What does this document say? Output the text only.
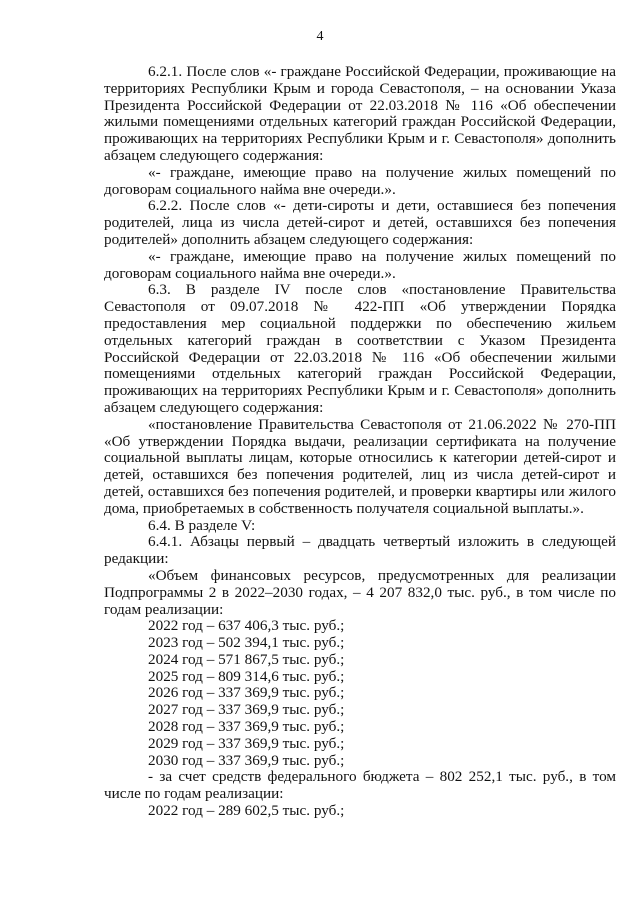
4

6.2.1. После слов «- граждане Российской Федерации, проживающие на территориях Республики Крым и города Севастополя, – на основании Указа Президента Российской Федерации от 22.03.2018 № 116 «Об обеспечении жилыми помещениями отдельных категорий граждан Российской Федерации, проживающих на территориях Республики Крым и г. Севастополя» дополнить абзацем следующего содержания:

«- граждане, имеющие право на получение жилых помещений по договорам социального найма вне очереди.».

6.2.2. После слов «- дети-сироты и дети, оставшиеся без попечения родителей, лица из числа детей-сирот и детей, оставшихся без попечения родителей» дополнить абзацем следующего содержания:

«- граждане, имеющие право на получение жилых помещений по договорам социального найма вне очереди.».

6.3. В разделе IV после слов «постановление Правительства Севастополя от 09.07.2018 № 422-ПП «Об утверждении Порядка предоставления мер социальной поддержки по обеспечению жильем отдельных категорий граждан в соответствии с Указом Президента Российской Федерации от 22.03.2018 № 116 «Об обеспечении жилыми помещениями отдельных категорий граждан Российской Федерации, проживающих на территориях Республики Крым и г. Севастополя» дополнить абзацем следующего содержания:

«постановление Правительства Севастополя от 21.06.2022 № 270-ПП «Об утверждении Порядка выдачи, реализации сертификата на получение социальной выплаты лицам, которые относились к категории детей-сирот и детей, оставшихся без попечения родителей, лиц из числа детей-сирот и детей, оставшихся без попечения родителей, и проверки квартиры или жилого дома, приобретаемых в собственность получателя социальной выплаты.».

6.4. В разделе V:

6.4.1. Абзацы первый – двадцать четвертый изложить в следующей редакции:

«Объем финансовых ресурсов, предусмотренных для реализации Подпрограммы 2 в 2022–2030 годах, – 4 207 832,0 тыс. руб., в том числе по годам реализации:

2022 год – 637 406,3 тыс. руб.;

2023 год – 502 394,1 тыс. руб.;

2024 год – 571 867,5 тыс. руб.;

2025 год – 809 314,6 тыс. руб.;

2026 год – 337 369,9 тыс. руб.;

2027 год – 337 369,9 тыс. руб.;

2028 год – 337 369,9 тыс. руб.;

2029 год – 337 369,9 тыс. руб.;

2030 год – 337 369,9 тыс. руб.;

- за счет средств федерального бюджета – 802 252,1 тыс. руб., в том числе по годам реализации:

2022 год – 289 602,5 тыс. руб.;
